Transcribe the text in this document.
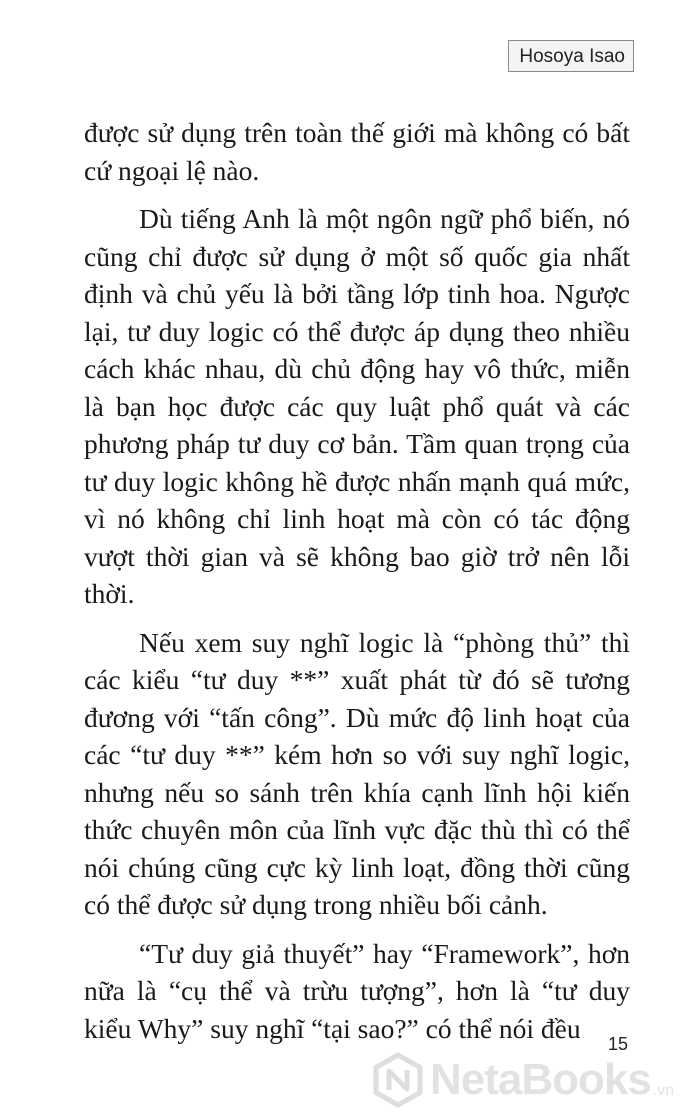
Hosoya Isao

được sử dụng trên toàn thế giới mà không có bất cứ ngoại lệ nào.

Dù tiếng Anh là một ngôn ngữ phổ biến, nó cũng chỉ được sử dụng ở một số quốc gia nhất định và chủ yếu là bởi tầng lớp tinh hoa. Ngược lại, tư duy logic có thể được áp dụng theo nhiều cách khác nhau, dù chủ động hay vô thức, miễn là bạn học được các quy luật phổ quát và các phương pháp tư duy cơ bản. Tầm quan trọng của tư duy logic không hề được nhấn mạnh quá mức, vì nó không chỉ linh hoạt mà còn có tác động vượt thời gian và sẽ không bao giờ trở nên lỗi thời.

Nếu xem suy nghĩ logic là “phòng thủ” thì các kiểu “tư duy **” xuất phát từ đó sẽ tương đương với “tấn công”. Dù mức độ linh hoạt của các “tư duy **” kém hơn so với suy nghĩ logic, nhưng nếu so sánh trên khía cạnh lĩnh hội kiến thức chuyên môn của lĩnh vực đặc thù thì có thể nói chúng cũng cực kỳ linh loạt, đồng thời cũng có thể được sử dụng trong nhiều bối cảnh.

“Tư duy giả thuyết” hay “Framework”, hơn nữa là “cụ thể và trừu tượng”, hơn là “tư duy kiểu Why” suy nghĩ “tại sao?” có thể nói đều

15
NetaBooks .vn
